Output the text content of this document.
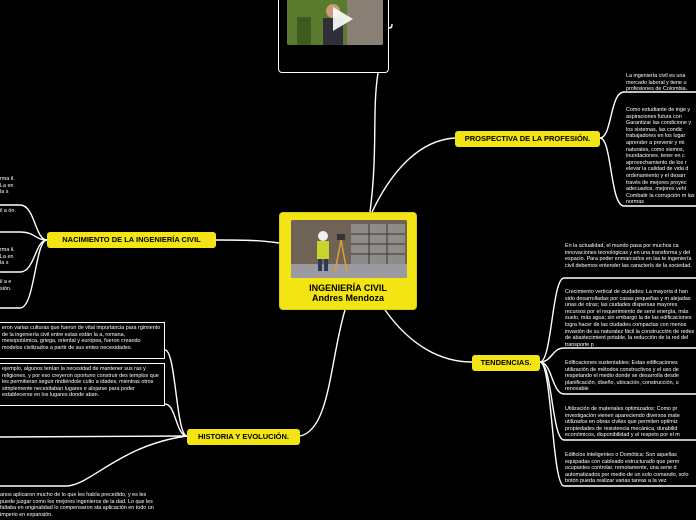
ING. CIVIL
AREANDINA
INGENIERÍA CIVIL
Andres Mendoza
PROSPECTIVA DE LA PROFESIÓN.
NACIMIENTO DE LA INGENIERÍA CIVIL
HISTORIA Y EVOLUCIÓN.
TENDENCIAS.
La ingeniería civil es una mercado laboral y tiene u profesiones de Colombia.
Como estudiante de inge y aspiraciones futura con Garantizar las condicione y los sistemas, las condic trabajadores en los lugar aprender a prevenir y mi naturales, como sismos, inundaciones. tener en c aprovechamiento de los r elevar la calidad de vida d ordenamiento y el desarr través de mejores proyec adecuados, mejores vehí Combatir la corrupción m las normas
En la actualidad, el mundo pasa por muchos ca innovaciones tecnológicas y en una transforma y del espacio. Para poder enmarcarlos en las te ingeniería civil debemos entender las caracterís de la sociedad.
Crecimiento vertical de ciudades: La mayoría d han sido desarrolladas por casas pequeñas y m alejadas unas de otras; las ciudades dispersas mayores recursos por el requerimiento de servi energía, más suelo, más agua; sin embargo la de las edificaciones logra hacer de las ciudades compactas con menos invasión de su naturalez fácil la construcción de redes de abastecimient potable, la reducción de la red del transporte p
Edificaciones sustentables: Estas edificaciones utilización de métodos constructivos y el uso de respetando el medio donde se desarrolla desde planificación, diseño, ubicación, construcción, u renovable
Utilización de materiales optimizados: Como pr investigación vienen apareciendo diversos mate utilizados en obras civiles que permiten optimiz propiedades de resistencia mecánica, durabilid económicos, disponibilidad y el respeto por el m
Edificios inteligentes o Domótica: Son aquellas equipadas con cableado estructurado que perm ocupantes controlar, remotamente, una serie d automatizados por medio de un solo comando, solo botón pueda realizar varias tareas a la vez
rma il. La en la s
il a ón.
rma il. La en la s
il a e sión.
eron varias culturas que fueron de vital importancia para rgimiento de la ingeniería civil entre estas están la a, romana, mesopotámica, griega, oriental y europea, fueron creando modelos civilizados a partir de sus entes necesidades.
ejemplo, algunos tenían la necesidad de mantener sus ras y religiones, y por eso creyeron oportuno construir des templos que les permitieran seguir rindiéndole culto a idades, mientras otros simplemente necesitaban lugares e alojarse para poder establecerse en los lugares donde aban.
anos aplicaron mucho de lo que les había precedido, y es les puede juzgar como los mejores ingenieros de la dad. Lo que les faltaba en originalidad lo compensaron sta aplicación en todo un imperio en expansión.
